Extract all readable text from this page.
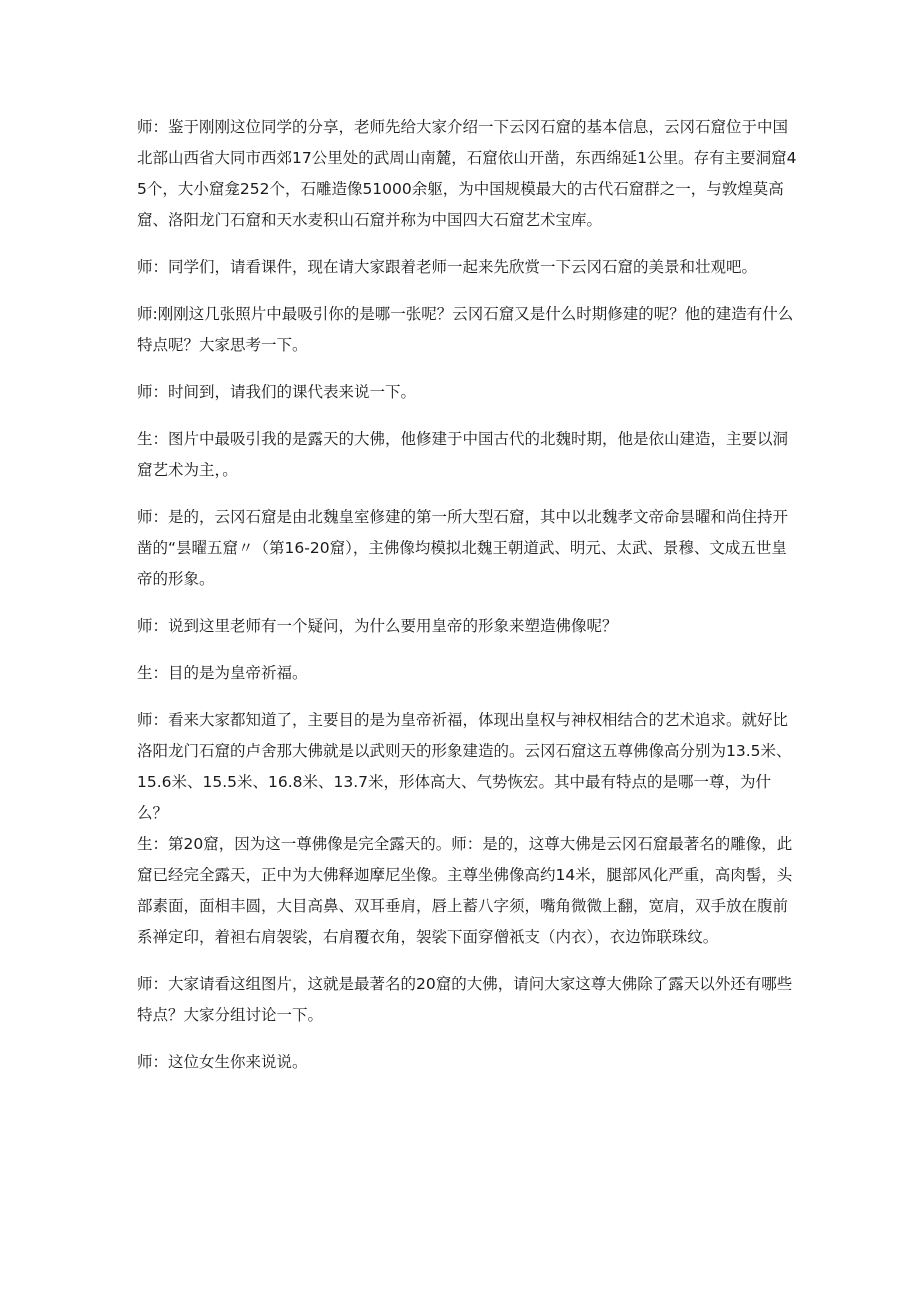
师：鉴于刚刚这位同学的分享，老师先给大家介绍一下云冈石窟的基本信息，云冈石窟位于中国北部山西省大同市西郊17公里处的武周山南麓，石窟依山开凿，东西绵延1公里。存有主要洞窟45个，大小窟龛252个，石雕造像51000余躯，为中国规模最大的古代石窟群之一，与敦煌莫高窟、洛阳龙门石窟和天水麦积山石窟并称为中国四大石窟艺术宝库。

师：同学们，请看课件，现在请大家跟着老师一起来先欣赏一下云冈石窟的美景和壮观吧。

师:刚刚这几张照片中最吸引你的是哪一张呢？云冈石窟又是什么时期修建的呢？他的建造有什么特点呢？大家思考一下。

师：时间到，请我们的课代表来说一下。

生：图片中最吸引我的是露天的大佛，他修建于中国古代的北魏时期，他是依山建造，主要以洞窟艺术为主，。

师：是的，云冈石窟是由北魏皇室修建的第一所大型石窟，其中以北魏孝文帝命昙曜和尚住持开凿的“昙曜五窟〃（第16-20窟），主佛像均模拟北魏王朝道武、明元、太武、景穆、文成五世皇帝的形象。

师：说到这里老师有一个疑问，为什么要用皇帝的形象来塑造佛像呢？

生：目的是为皇帝祈福。

师：看来大家都知道了，主要目的是为皇帝祈福，体现出皇权与神权相结合的艺术追求。就好比洛阳龙门石窟的卢舍那大佛就是以武则天的形象建造的。云冈石窟这五尊佛像高分别为13.5米、15.6米、15.5米、16.8米、13.7米，形体高大、气势恢宏。其中最有特点的是哪一尊，为什么？

生：第20窟，因为这一尊佛像是完全露天的。师：是的，这尊大佛是云冈石窟最著名的雕像，此窟已经完全露天，正中为大佛释迦摩尼坐像。主尊坐佛像高约14米，腿部风化严重，高肉髻，头部素面，面相丰圆，大目高鼻、双耳垂肩，唇上蓄八字须，嘴角微微上翻，宽肩，双手放在腹前系禅定印，着袒右肩袈裟，右肩覆衣角，袈裟下面穿僧祇支（内衣），衣边饰联珠纹。

师：大家请看这组图片，这就是最著名的20窟的大佛，请问大家这尊大佛除了露天以外还有哪些特点？大家分组讨论一下。

师：这位女生你来说说。
